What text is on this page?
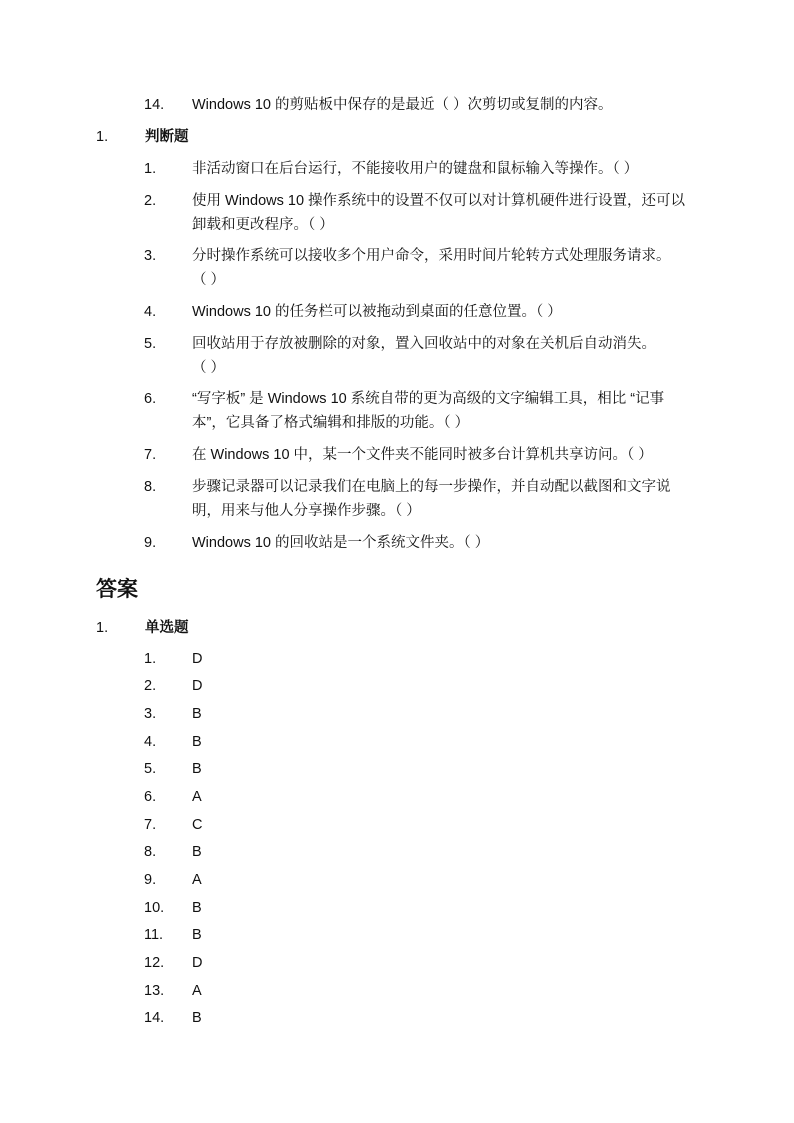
14. Windows 10 的剪贴板中保存的是最近（ ）次剪切或复制的内容。
1.	判断题
1. 非活动窗口在后台运行，不能接收用户的键盘和鼠标输入等操作。（ ）
2. 使用 Windows 10 操作系统中的设置不仅可以对计算机硬件进行设置，还可以
卸载和更改程序。（ ）
3. 分时操作系统可以接收多个用户命令，采用时间片轮转方式处理服务请求。
（ ）
4. Windows 10 的任务栏可以被拖动到桌面的任意位置。（ ）
5. 回收站用于存放被删除的对象，置入回收站中的对象在关机后自动消失。
（ ）
6. “写字板” 是 Windows 10 系统自带的更为高级的文字编辑工具，相比 “记事
本”，它具备了格式编辑和排版的功能。（ ）
7. 在 Windows 10 中，某一个文件夹不能同时被多台计算机共享访问。（ ）
8. 步骤记录器可以记录我们在电脑上的每一步操作，并自动配以截图和文字说
明，用来与他人分享操作步骤。（ ）
9. Windows 10 的回收站是一个系统文件夹。（ ）
答案
1.	单选题
1. D
2. D
3. B
4. B
5. B
6. A
7. C
8. B
9. A
10. B
11. B
12. D
13. A
14. B
